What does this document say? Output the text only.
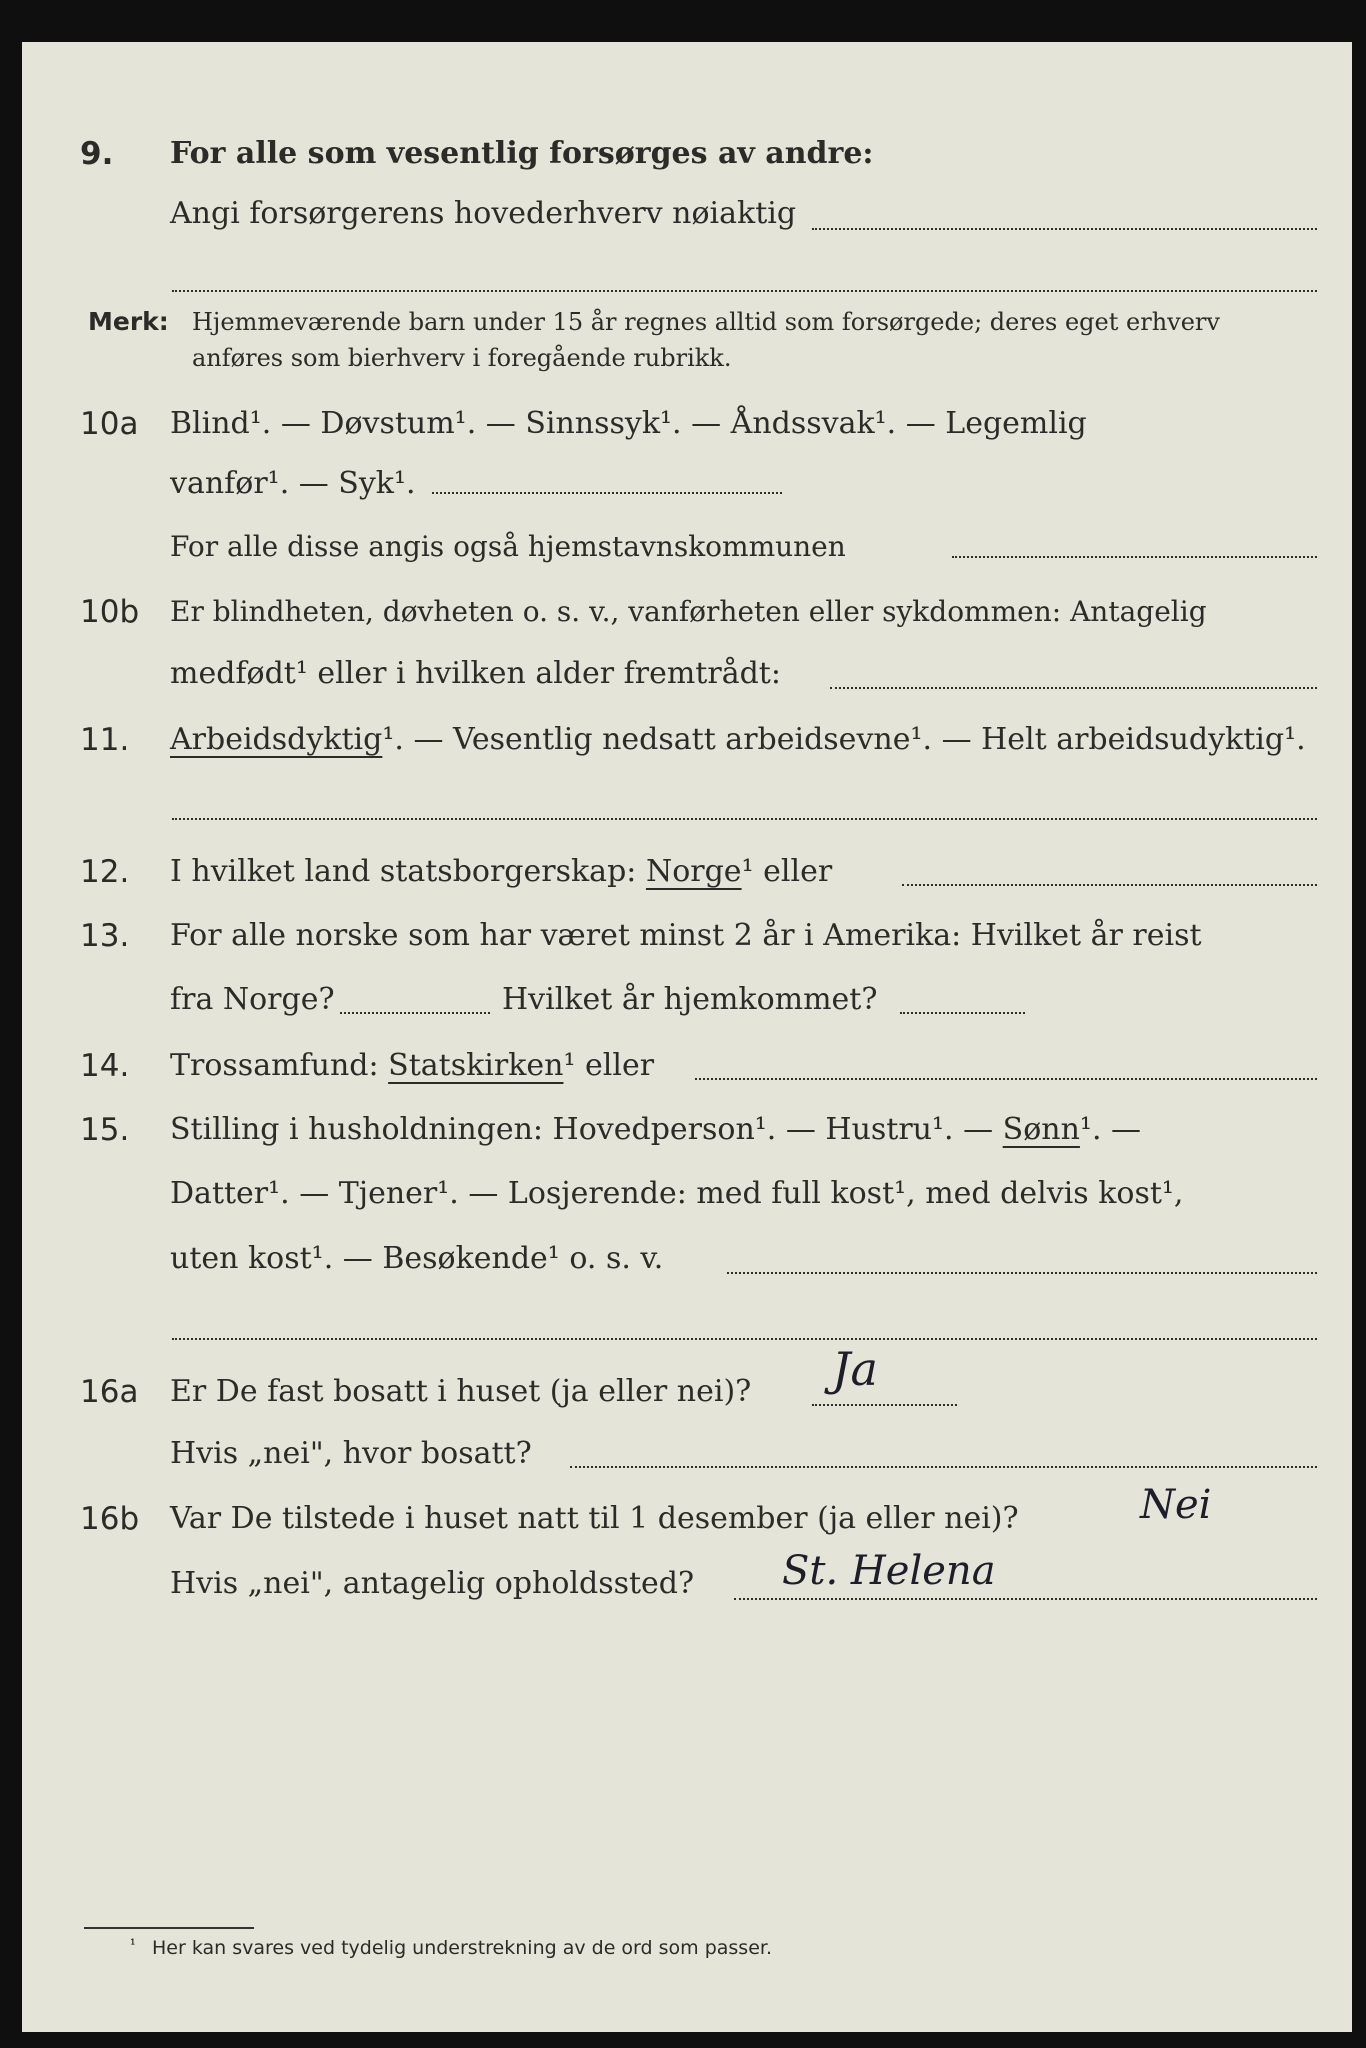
9. For alle som vesentlig forsørges av andre:
Angi forsørgerens hovederhverv nøiaktig
Merk: Hjemmeværende barn under 15 år regnes alltid som forsørgede; deres eget erhverv
anføres som bierhverv i foregående rubrikk.
10a Blind¹. — Døvstum¹. — Sinnssyk¹. — Åndssvak¹. — Legemlig
vanfør¹. — Syk¹.
For alle disse angis også hjemstavnskommunen
10b Er blindheten, døvheten o. s. v., vanførheten eller sykdommen: Antagelig
medfødt¹ eller i hvilken alder fremtrådt:
11. Arbeidsdyktig¹. — Vesentlig nedsatt arbeidsevne¹. — Helt arbeidsudyktig¹.
12. I hvilket land statsborgerskap: Norge¹ eller
13. For alle norske som har været minst 2 år i Amerika: Hvilket år reist
fra Norge?	Hvilket år hjemkommet?
14. Trossamfund: Statskirken¹ eller
15. Stilling i husholdningen: Hovedperson¹. — Hustru¹. — Sønn¹. —
Datter¹. — Tjener¹. — Losjerende: med full kost¹, med delvis kost¹,
uten kost¹. — Besøkende¹ o. s. v.
16a Er De fast bosatt i huset (ja eller nei)? Ja
Hvis „nei", hvor bosatt?
16b Var De tilstede i huset natt til 1 desember (ja eller nei)?	Nei
Hvis „nei", antagelig opholdssted? St. Helena
¹ Her kan svares ved tydelig understrekning av de ord som passer.
